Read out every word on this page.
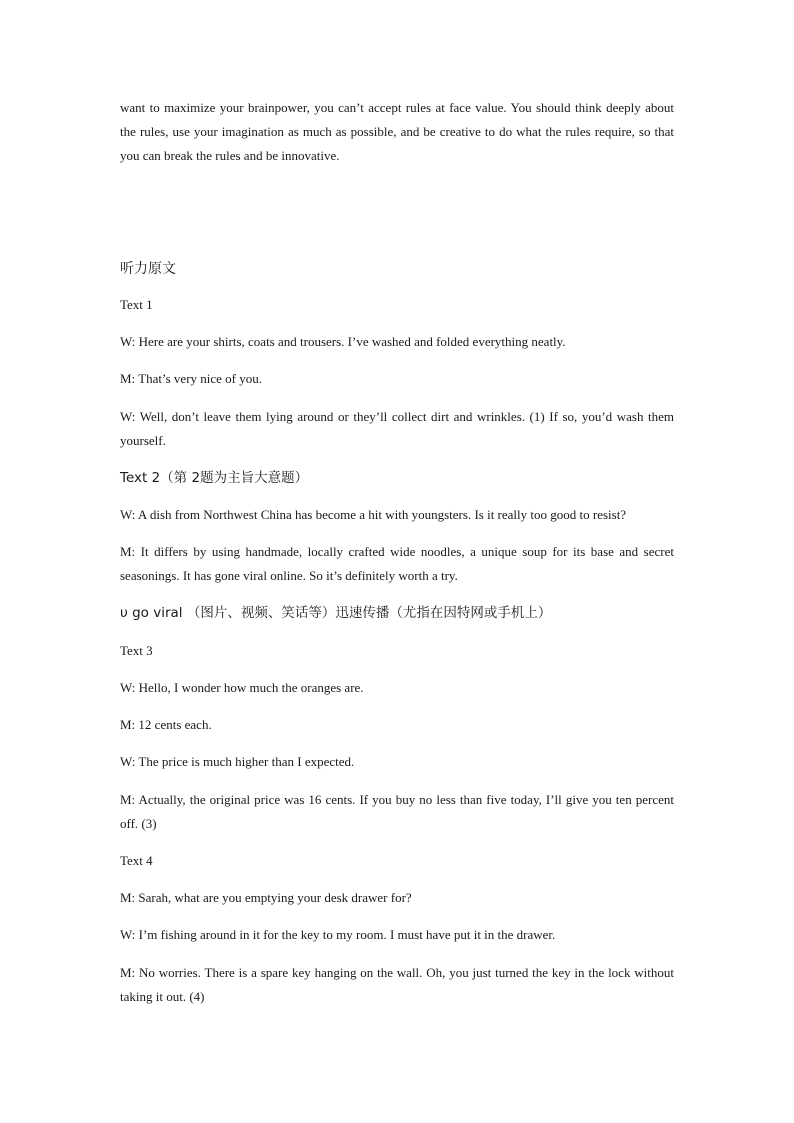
want to maximize your brainpower, you can’t accept rules at face value. You should think deeply about the rules, use your imagination as much as possible, and be creative to do what the rules require, so that you can break the rules and be innovative.
听力原文
Text 1
W: Here are your shirts, coats and trousers. I’ve washed and folded everything neatly.
M: That’s very nice of you.
W: Well, don’t leave them lying around or they’ll collect dirt and wrinkles. (1) If so, you’d wash them yourself.
Text 2（第 2题为主旨大意题）
W: A dish from Northwest China has become a hit with youngsters. Is it really too good to resist?
M: It differs by using handmade, locally crafted wide noodles, a unique soup for its base and secret seasonings. It has gone viral online. So it’s definitely worth a try.
υ go viral （图片、视频、笑话等）迅速传播（尤指在因特网或手机上）
Text 3
W: Hello, I wonder how much the oranges are.
M: 12 cents each.
W: The price is much higher than I expected.
M: Actually, the original price was 16 cents. If you buy no less than five today, I’ll give you ten percent off. (3)
Text 4
M: Sarah, what are you emptying your desk drawer for?
W: I’m fishing around in it for the key to my room. I must have put it in the drawer.
M: No worries. There is a spare key hanging on the wall. Oh, you just turned the key in the lock without taking it out. (4)
